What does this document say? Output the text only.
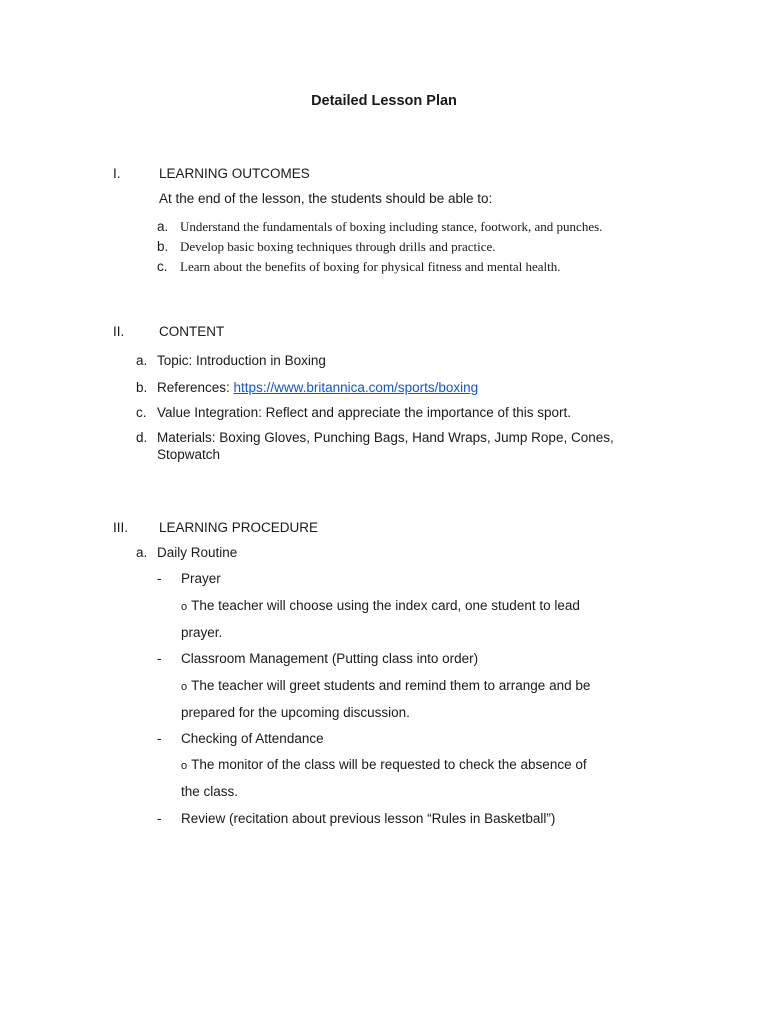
Detailed Lesson Plan
I.	LEARNING OUTCOMES
At the end of the lesson, the students should be able to:
a. Understand the fundamentals of boxing including stance, footwork, and punches.
b. Develop basic boxing techniques through drills and practice.
c. Learn about the benefits of boxing for physical fitness and mental health.
II.	CONTENT
a. Topic: Introduction in Boxing
b. References: https://www.britannica.com/sports/boxing
c. Value Integration: Reflect and appreciate the importance of this sport.
d. Materials: Boxing Gloves, Punching Bags, Hand Wraps, Jump Rope, Cones,
Stopwatch
III. LEARNING PROCEDURE
a. Daily Routine
- Prayer
o The teacher will choose using the index card, one student to lead
prayer.
- Classroom Management (Putting class into order)
o The teacher will greet students and remind them to arrange and be
prepared for the upcoming discussion.
- Checking of Attendance
o The monitor of the class will be requested to check the absence of
the class.
- Review (recitation about previous lesson “Rules in Basketball”)
